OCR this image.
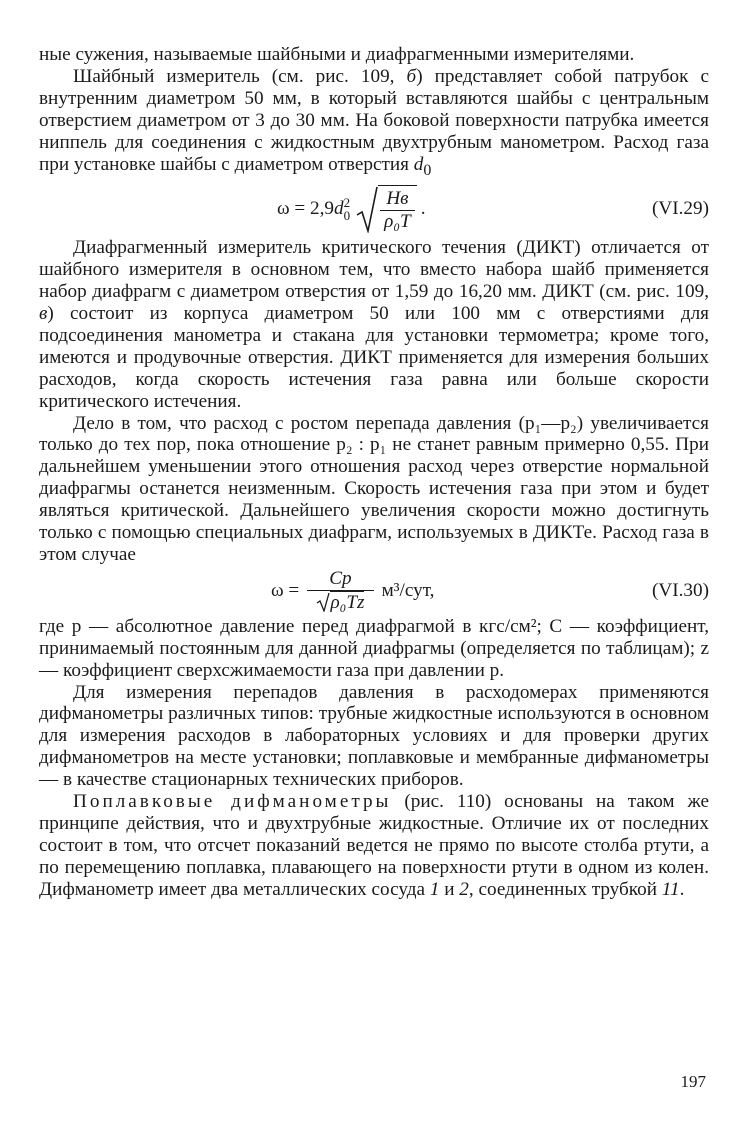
ные сужения, называемые шайбными и диафрагменными измерителями.

Шайбный измеритель (см. рис. 109, б) представляет собой патрубок с внутренним диаметром 50 мм, в который вставляются шайбы с центральным отверстием диаметром от 3 до 30 мм. На боковой поверхности патрубка имеется ниппель для соединения с жидкостным двухтрубным манометром. Расход газа при установке шайбы с диаметром отверстия $d_0$

ω = 2,9 d 2
$0 \frac{Hв}{\text{ρ₀T}}$ .	(VI.29)

Диафрагменный измеритель критического течения (ДИКТ) отличается от шайбного измерителя в основном тем, что вместо набора шайб применяется набор диафрагм с диаметром отверстия от 1,59 до 16,20 мм. ДИКТ (см. рис. 109, в) состоит из корпуса диаметром 50 или 100 мм с отверстиями для подсоединения манометра и стакана для установки термометра; кроме того, имеются и продувочные отверстия. ДИКТ применяется для измерения больших расходов, когда скорость истечения газа равна или больше скорости критического истечения.

Дело в том, что расход с ростом перепада давления (p₁—p₂) увеличивается только до тех пор, пока отношение p₂ : p₁ не станет равным примерно 0,55. При дальнейшем уменьшении этого отношения расход через отверстие нормальной диафрагмы останется неизменным. Скорость истечения газа при этом и будет являться критической. Дальнейшего увеличения скорости можно достигнуть только с помощью специальных диафрагм, используемых в ДИКТе. Расход газа в этом случае

$\omega = \frac{Cp}{\text{ρ₀Tz}} м^3/сут$,	(VI.30)

где p — абсолютное давление перед диафрагмой в кгс/см²; C — коэффициент, принимаемый постоянным для данной диафрагмы (определяется по таблицам); z — коэффициент сверхсжимаемости газа при давлении p.

Для измерения перепадов давления в расходомерах применяются дифманометры различных типов: трубные жидкостные используются в основном для измерения расходов в лабораторных условиях и для проверки других дифманометров на месте установки; поплавковые и мембранные дифманометры — в качестве стационарных технических приборов.

Поплавковые дифманометры (рис. 110) основаны на таком же принципе действия, что и двухтрубные жидкостные. Отличие их от последних состоит в том, что отсчет показаний ведется не прямо по высоте столба ртути, а по перемещению поплавка, плавающего на поверхности ртути в одном из колен. Дифманометр имеет два металлических сосуда 1 и 2, соединенных трубкой 11.

197
